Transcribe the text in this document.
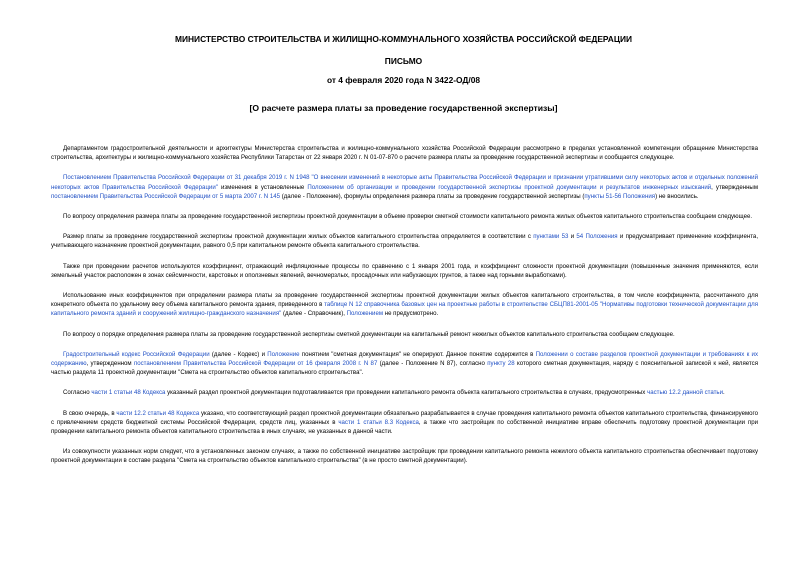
МИНИСТЕРСТВО СТРОИТЕЛЬСТВА И ЖИЛИЩНО-КОММУНАЛЬНОГО ХОЗЯЙСТВА РОССИЙСКОЙ ФЕДЕРАЦИИ
ПИСЬМО
от 4 февраля 2020 года N 3422-ОД/08
[О расчете размера платы за проведение государственной экспертизы]

Департаментом градостроительной деятельности и архитектуры Министерства строительства и жилищно-коммунального хозяйства Российской Федерации рассмотрено в пределах установленной компетенции обращение Министерства строительства, архитектуры и жилищно-коммунального хозяйства Республики Татарстан от 22 января 2020 г. N 01-07-870 о расчете размера платы за проведение государственной экспертизы и сообщается следующее.

Постановлением Правительства Российской Федерации от 31 декабря 2019 г. N 1948 "О внесении изменений в некоторые акты Правительства Российской Федерации и признании утратившими силу некоторых актов и отдельных положений некоторых актов Правительства Российской Федерации" изменения в установленные Положением об организации и проведении государственной экспертизы проектной документации и результатов инженерных изысканий, утвержденным постановлением Правительства Российской Федерации от 5 марта 2007 г. N 145 (далее - Положение), формулы определения размера платы за проведение государственной экспертизы (пункты 51-56 Положения) не вносились.

По вопросу определения размера платы за проведение государственной экспертизы проектной документации в объеме проверки сметной стоимости капитального ремонта жилых объектов капитального строительства сообщаем следующее.

Размер платы за проведение государственной экспертизы проектной документации жилых объектов капитального строительства определяется в соответствии с пунктами 53 и 54 Положения и предусматривает применение коэффициента, учитывающего назначение проектной документации, равного 0,5 при капитальном ремонте объекта капитального строительства.

Также при проведении расчетов используются коэффициент, отражающий инфляционные процессы по сравнению с 1 января 2001 года, и коэффициент сложности проектной документации (повышенные значения применяются, если земельный участок расположен в зонах сейсмичности, карстовых и оползневых явлений, вечномерзлых, просадочных или набухающих грунтов, а также над горными выработками).

Использование иных коэффициентов при определении размера платы за проведение государственной экспертизы проектной документации жилых объектов капитального строительства, в том числе коэффициента, рассчитанного для конкретного объекта по удельному весу объема капитального ремонта здания, приведенного в таблице N 12 справочника базовых цен на проектные работы в строительстве СБЦП81-2001-05 "Нормативы подготовки технической документации для капитального ремонта зданий и сооружений жилищно-гражданского назначения" (далее - Справочник), Положением не предусмотрено.

По вопросу о порядке определения размера платы за проведение государственной экспертизы сметной документации на капитальный ремонт нежилых объектов капитального строительства сообщаем следующее.

Градостроительный кодекс Российской Федерации (далее - Кодекс) и Положение понятием "сметная документация" не оперируют. Данное понятие содержится в Положении о составе разделов проектной документации и требованиях к их содержанию, утвержденном постановлением Правительства Российской Федерации от 16 февраля 2008 г. N 87 (далее - Положение N 87), согласно пункту 28 которого сметная документация, наряду с пояснительной запиской к ней, является частью раздела 11 проектной документации "Смета на строительство объектов капитального строительства".

Согласно части 1 статьи 48 Кодекса указанный раздел проектной документации подготавливается при проведении капитального ремонта объекта капитального строительства в случаях, предусмотренных частью 12.2 данной статьи.

В свою очередь, в части 12.2 статьи 48 Кодекса указано, что соответствующий раздел проектной документации обязательно разрабатывается в случае проведения капитального ремонта объектов капитального строительства, финансируемого с привлечением средств бюджетной системы Российской Федерации, средств лиц, указанных в части 1 статьи 8.3 Кодекса, а также что застройщик по собственной инициативе вправе обеспечить подготовку проектной документации при проведении капитального ремонта объектов капитального строительства в иных случаях, не указанных в данной части.

Из совокупности указанных норм следует, что в установленных законом случаях, а также по собственной инициативе застройщик при проведении капитального ремонта нежилого объекта капитального строительства обеспечивает подготовку проектной документации в составе раздела "Смета на строительство объектов капитального строительства" (в не просто сметной документации).
